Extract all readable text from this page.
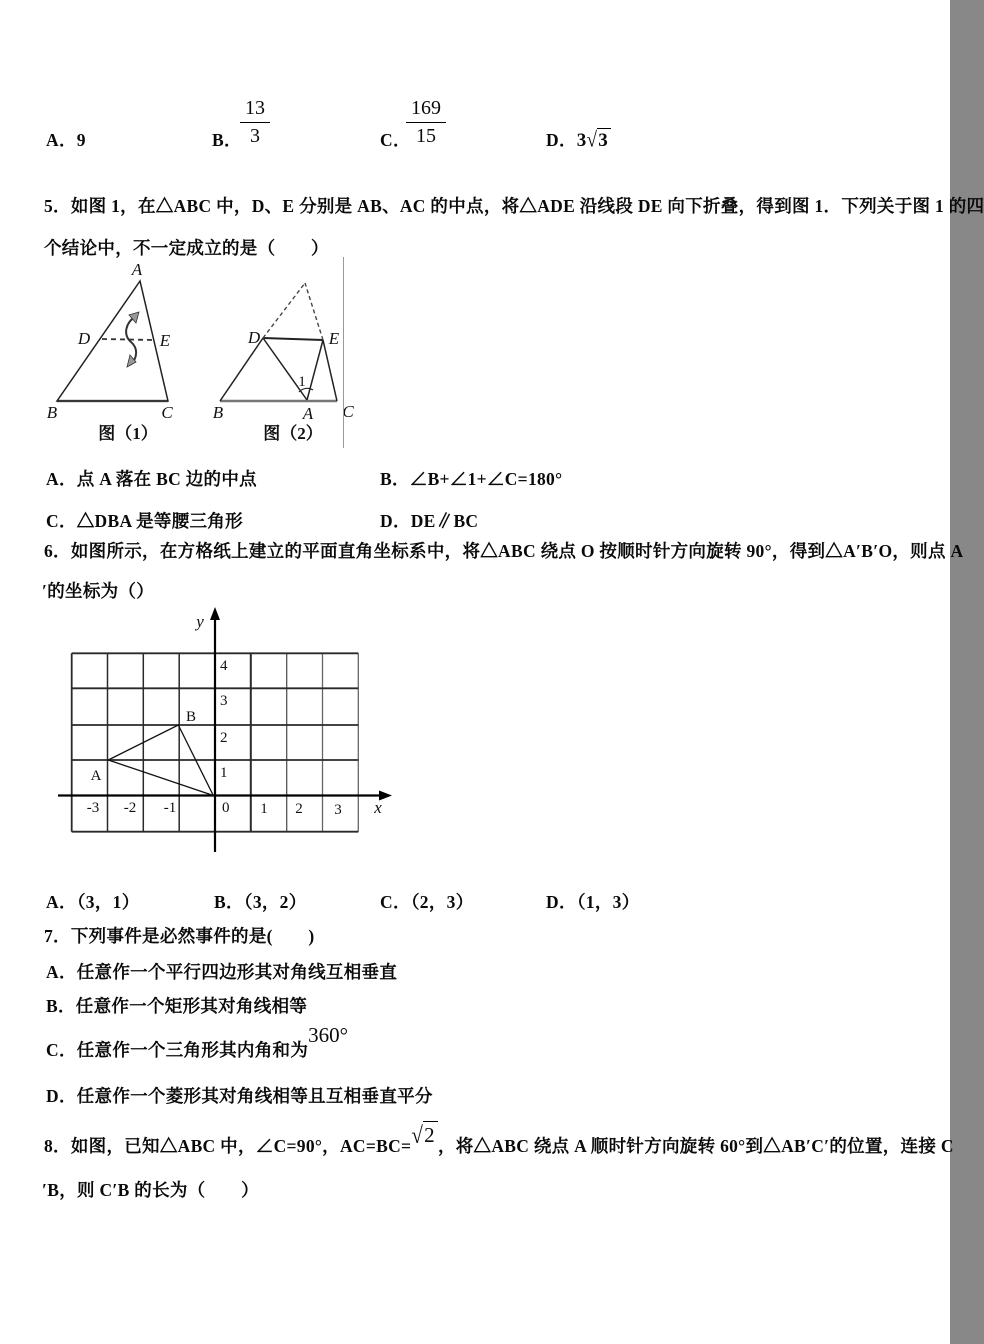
A．9	B．
$\frac{13}{3}$	C．
$\frac{169}{15}$	D．3√3
5．如图 1，在△ABC 中，D、E 分别是 AB、AC 的中点，将△ADE 沿线段 DE 向下折叠，得到图 1．下列关于图 1 的四
个结论中，不一定成立的是（　　）
A
D	E
B	C
图（1）
1
D	E
B	A C
图（2）
A．点 A 落在 BC 边的中点	B．∠B+∠1+∠C=180°
C．△DBA 是等腰三角形	D．DE∥BC
6．如图所示，在方格纸上建立的平面直角坐标系中，将△ABC 绕点 O 按顺时针方向旋转 90°，得到△A′B′O，则点 A
′的坐标为（）
-3 -2 -1	1 2 3
4
3
2
1
0	x
y
A
B
A．（3，1）	B．（3，2）	C．（2，3）	D．（1，3）
7．下列事件是必然事件的是(　　)
A．任意作一个平行四边形其对角线互相垂直
B．任意作一个矩形其对角线相等
C．任意作一个三角形其内角和为360°
D．任意作一个菱形其对角线相等且互相垂直平分
8．如图，已知△ABC 中，∠C=90°，AC=BC=√2 ，将△ABC 绕点 A 顺时针方向旋转 60°到△AB′C′的位置，连接 C
′B，则 C′B 的长为（　　）
